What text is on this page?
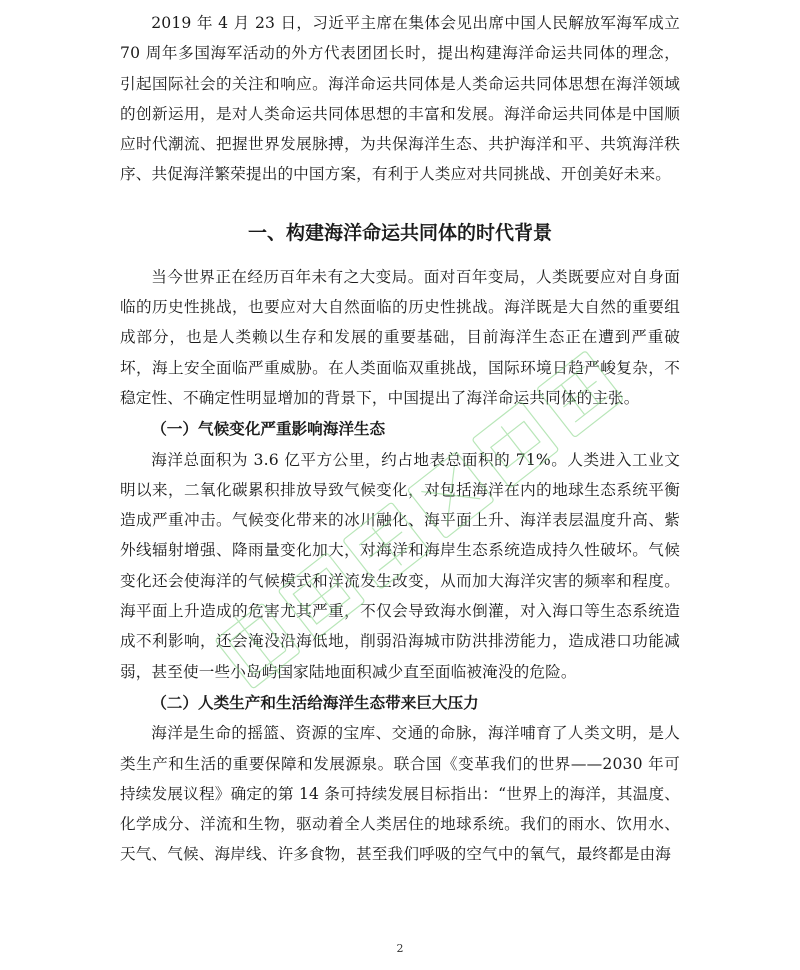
2019 年 4 月 23 日，习近平主席在集体会见出席中国人民解放军海军成立 70 周年多国海军活动的外方代表团团长时，提出构建海洋命运共同体的理念，引起国际社会的关注和响应。海洋命运共同体是人类命运共同体思想在海洋领域的创新运用，是对人类命运共同体思想的丰富和发展。海洋命运共同体是中国顺应时代潮流、把握世界发展脉搏，为共保海洋生态、共护海洋和平、共筑海洋秩序、共促海洋繁荣提出的中国方案，有利于人类应对共同挑战、开创美好未来。

一、构建海洋命运共同体的时代背景

当今世界正在经历百年未有之大变局。面对百年变局，人类既要应对自身面临的历史性挑战，也要应对大自然面临的历史性挑战。海洋既是大自然的重要组成部分，也是人类赖以生存和发展的重要基础，目前海洋生态正在遭到严重破坏，海上安全面临严重威胁。在人类面临双重挑战，国际环境日趋严峻复杂，不稳定性、不确定性明显增加的背景下，中国提出了海洋命运共同体的主张。

（一）气候变化严重影响海洋生态

海洋总面积为 3.6 亿平方公里，约占地表总面积的 71%。人类进入工业文明以来，二氧化碳累积排放导致气候变化，对包括海洋在内的地球生态系统平衡造成严重冲击。气候变化带来的冰川融化、海平面上升、海洋表层温度升高、紫外线辐射增强、降雨量变化加大，对海洋和海岸生态系统造成持久性破坏。气候变化还会使海洋的气候模式和洋流发生改变，从而加大海洋灾害的频率和程度。海平面上升造成的危害尤其严重，不仅会导致海水倒灌，对入海口等生态系统造成不利影响，还会淹没沿海低地，削弱沿海城市防洪排涝能力，造成港口功能减弱，甚至使一些小岛屿国家陆地面积减少直至面临被淹没的危险。

（二）人类生产和生活给海洋生态带来巨大压力

海洋是生命的摇篮、资源的宝库、交通的命脉，海洋哺育了人类文明，是人类生产和生活的重要保障和发展源泉。联合国《变革我们的世界——2030 年可持续发展议程》确定的第 14 条可持续发展目标指出：“世界上的海洋，其温度、化学成分、洋流和生物，驱动着全人类居住的地球系统。我们的雨水、饮用水、天气、气候、海岸线、许多食物，甚至我们呼吸的空气中的氧气，最终都是由海

2
